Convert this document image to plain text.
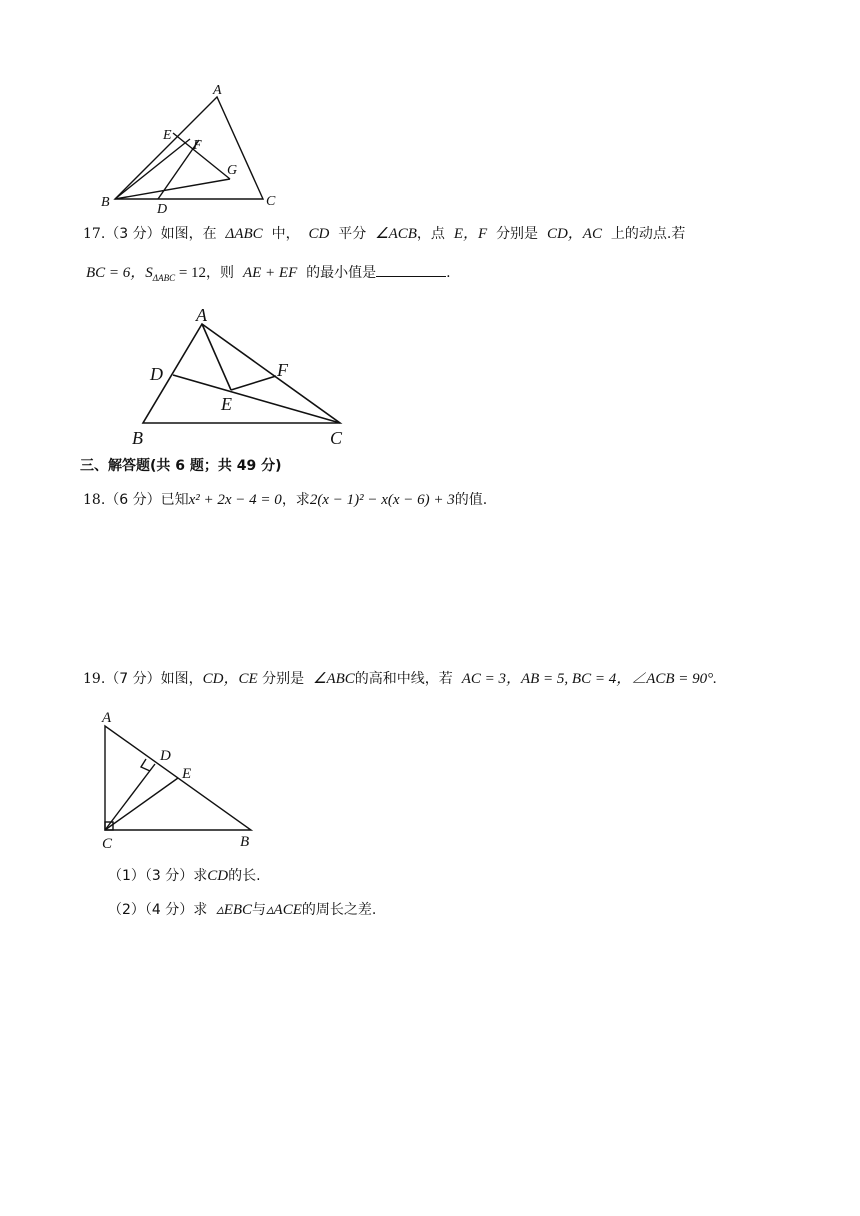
A
B	C
D
E
F
G
17.（3 分）如图，在 ΔABC 中， CD 平分 ∠ACB，点 E，F 分别是 CD，AC 上的动点.若
BC = 6，$S_{\Delta ABC} = 12$，则 AE + EF 的最小值是	.
A
B	C
D
E
F
三、解答题(共 6 题；共 49 分)
18.（6 分）已知x² + 2x − 4 = 0，求2(x − 1)² − x(x − 6) + 3的值.
19.（7 分）如图，CD，CE 分别是 ∠ABC的高和中线，若 AC = 3，AB = 5, BC = 4，∠ACB = 90°.
A
B
C
D
E
（1）（3 分）求CD的长.
（2）（4 分）求 ▵EBC与▵ACE的周长之差.
